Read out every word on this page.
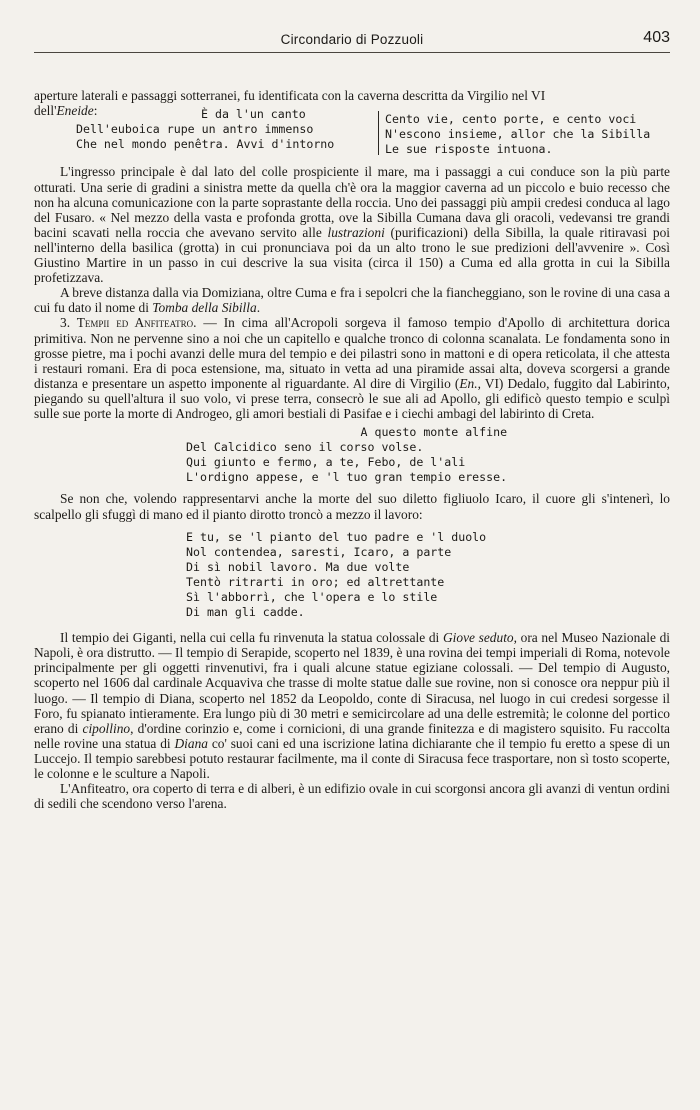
Circondario di Pozzuoli	403

aperture laterali e passaggi sotterranei, fu identificata con la caverna descritta da Virgilio nel VI
dell'Eneide:	È da l'un canto
Dell'euboica rupe un antro immenso
Che nel mondo penêtra. Avvi d'intorno
Cento vie, cento porte, e cento voci
N'escono insieme, allor che la Sibilla
Le sue risposte intuona.

L'ingresso principale è dal lato del colle prospiciente il mare, ma i passaggi a cui conduce son la più parte otturati. Una serie di gradini a sinistra mette da quella ch'è ora la maggior caverna ad un piccolo e buio recesso che non ha alcuna comunicazione con la parte soprastante della roccia. Uno dei passaggi più ampii credesi conduca al lago del Fusaro. « Nel mezzo della vasta e profonda grotta, ove la Sibilla Cumana dava gli oracoli, vedevansi tre grandi bacini scavati nella roccia che avevano servito alle lustrazioni (purificazioni) della Sibilla, la quale ritiravasi poi nell'interno della basilica (grotta) in cui pronunciava poi da un alto trono le sue predizioni dell'avvenire ». Così Giustino Martire in un passo in cui descrive la sua visita (circa il 150) a Cuma ed alla grotta in cui la Sibilla profetizzava.

A breve distanza dalla via Domiziana, oltre Cuma e fra i sepolcri che la fiancheggiano, son le rovine di una casa a cui fu dato il nome di Tomba della Sibilla.

3. Tempii ed Anfiteatro. — In cima all'Acropoli sorgeva il famoso tempio d'Apollo di architettura dorica primitiva. Non ne pervenne sino a noi che un capitello e qualche tronco di colonna scanalata. Le fondamenta sono in grosse pietre, ma i pochi avanzi delle mura del tempio e dei pilastri sono in mattoni e di opera reticolata, il che attesta i restauri romani. Era di poca estensione, ma, situato in vetta ad una piramide assai alta, doveva scorgersi a grande distanza e presentare un aspetto imponente al riguardante. Al dire di Virgilio (En., VI) Dedalo, fuggito dal Labirinto, piegando su quell'altura il suo volo, vi prese terra, consecrò le sue ali ad Apollo, gli edificò questo tempio e sculpì sulle sue porte la morte di Androgeo, gli amori bestiali di Pasifae e i ciechi ambagi del labirinto di Creta.

A questo monte alfine
Del Calcidico seno il corso volse.
Qui giunto e fermo, a te, Febo, de l'ali
L'ordigno appese, e 'l tuo gran tempio eresse.

Se non che, volendo rappresentarvi anche la morte del suo diletto figliuolo Icaro, il cuore gli s'intenerì, lo scalpello gli sfuggì di mano ed il pianto dirotto troncò a mezzo il lavoro:

E tu, se 'l pianto del tuo padre e 'l duolo
Nol contendea, saresti, Icaro, a parte
Di sì nobil lavoro. Ma due volte
Tentò ritrarti in oro; ed altrettante
Sì l'abborrì, che l'opera e lo stile
Di man gli cadde.

Il tempio dei Giganti, nella cui cella fu rinvenuta la statua colossale di Giove seduto, ora nel Museo Nazionale di Napoli, è ora distrutto. — Il tempio di Serapide, scoperto nel 1839, è una rovina dei tempi imperiali di Roma, notevole principalmente per gli oggetti rinvenutivi, fra i quali alcune statue egiziane colossali. — Del tempio di Augusto, scoperto nel 1606 dal cardinale Acquaviva che trasse di molte statue dalle sue rovine, non si conosce ora neppur più il luogo. — Il tempio di Diana, scoperto nel 1852 da Leopoldo, conte di Siracusa, nel luogo in cui credesi sorgesse il Foro, fu spianato intieramente. Era lungo più di 30 metri e semicircolare ad una delle estremità; le colonne del portico erano di cipollino, d'ordine corinzio e, come i cornicioni, di una grande finitezza e di magistero squisito. Fu raccolta nelle rovine una statua di Diana co' suoi cani ed una iscrizione latina dichiarante che il tempio fu eretto a spese di un Luccejo. Il tempio sarebbesi potuto restaurar facilmente, ma il conte di Siracusa fece trasportare, non sì tosto scoperte, le colonne e le sculture a Napoli.

L'Anfiteatro, ora coperto di terra e di alberi, è un edifizio ovale in cui scorgonsi ancora gli avanzi di ventun ordini di sedili che scendono verso l'arena.
